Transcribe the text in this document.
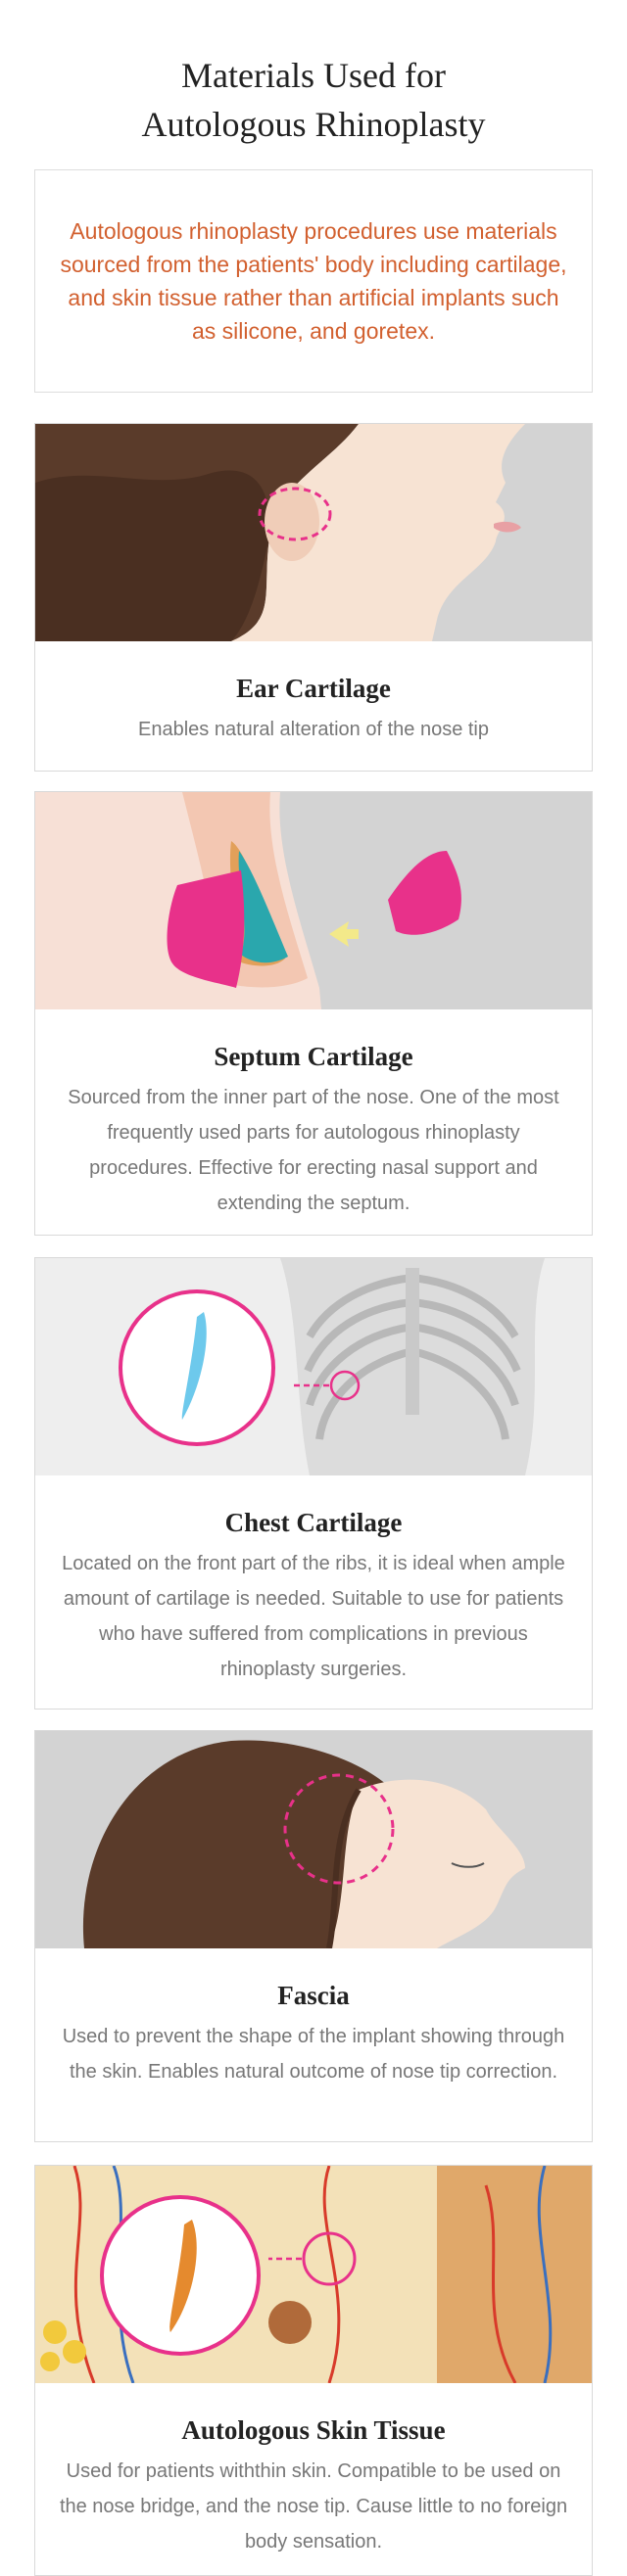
Materials Used for
Autologous Rhinoplasty

Autologous rhinoplasty procedures use materials sourced from the patients' body including cartilage, and skin tissue rather than artificial implants such as silicone, and goretex.

Ear Cartilage

Enables natural alteration of the nose tip

Septum Cartilage

Sourced from the inner part of the nose. One of the most frequently used parts for autologous rhinoplasty procedures. Effective for erecting nasal support and extending the septum.

Chest Cartilage

Located on the front part of the ribs, it is ideal when ample amount of cartilage is needed. Suitable to use for patients who have suffered from complications in previous rhinoplasty surgeries.

Fascia

Used to prevent the shape of the implant showing through the skin. Enables natural outcome of nose tip correction.

Autologous Skin Tissue

Used for patients withthin skin. Compatible to be used on the nose bridge, and the nose tip. Cause little to no foreign body sensation.
